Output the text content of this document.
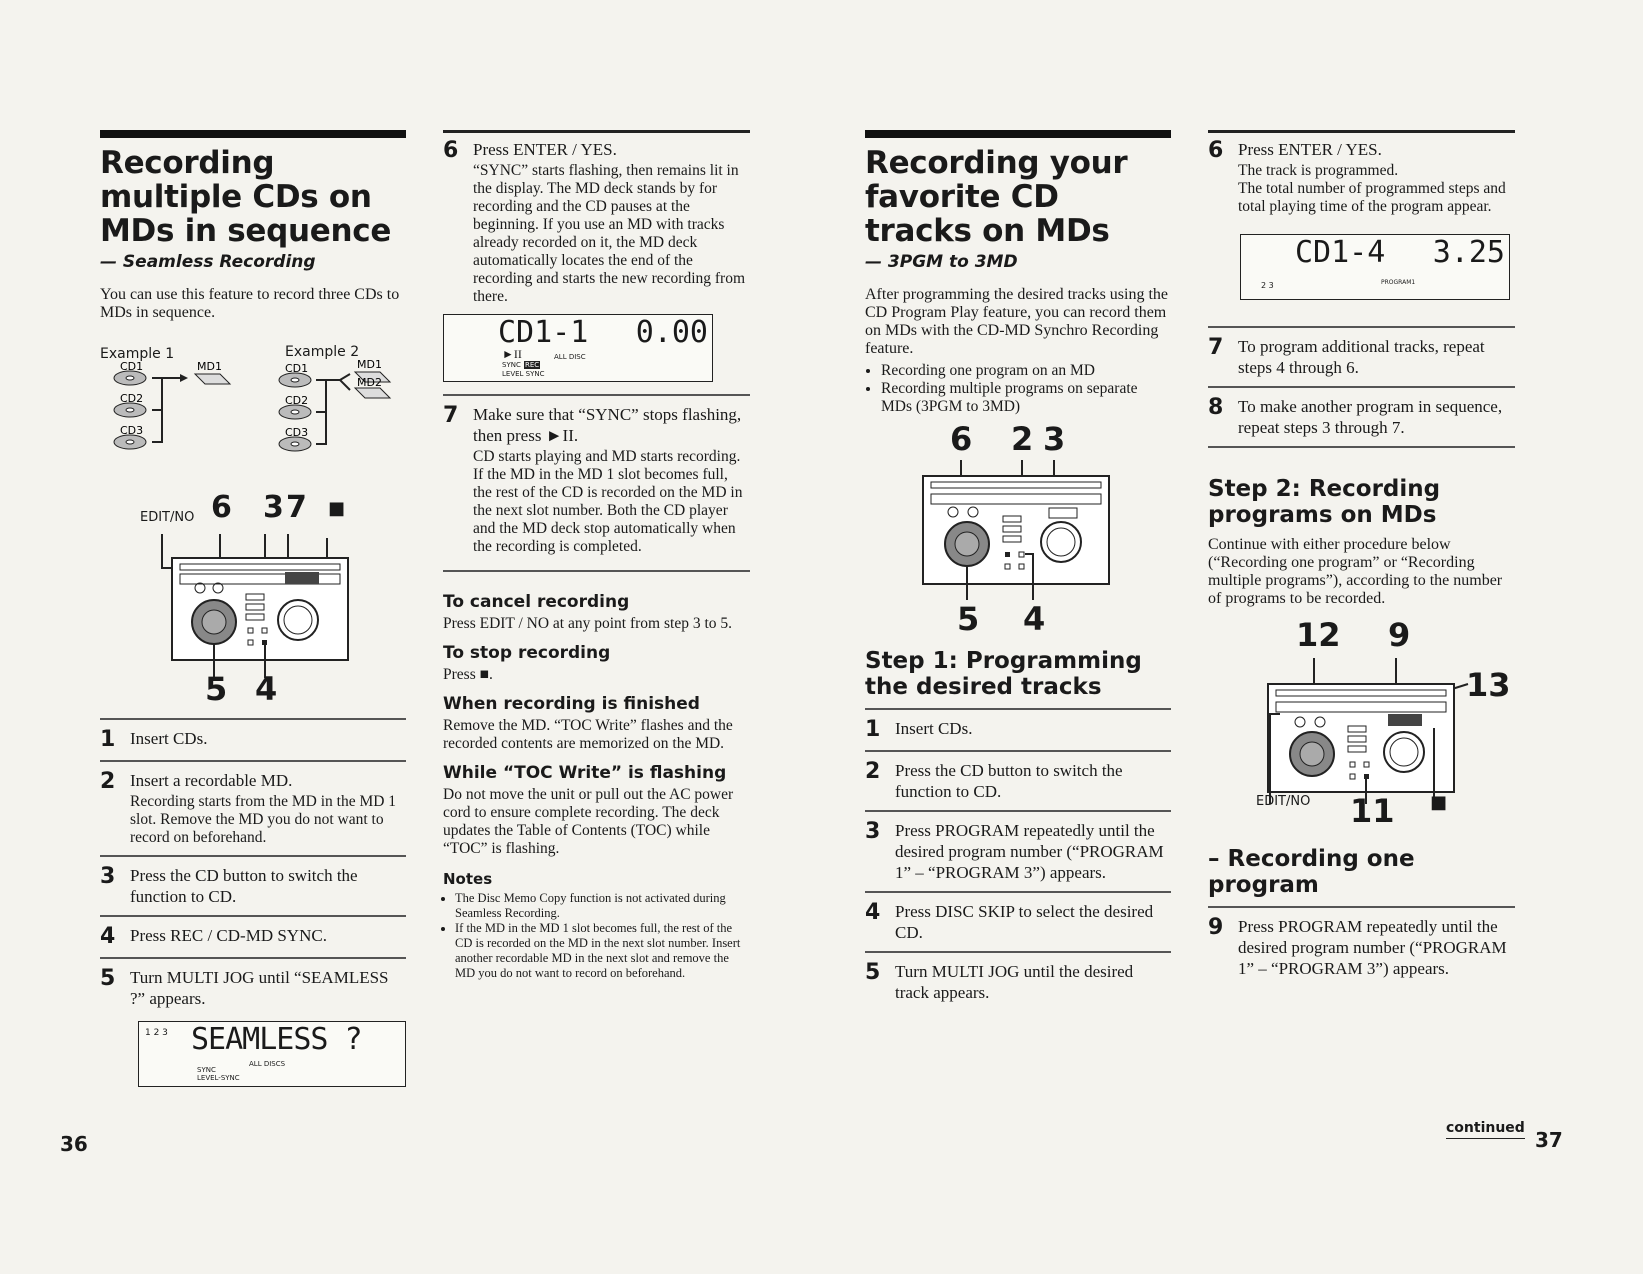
Recording multiple CDs on MDs in sequence
— Seamless Recording

You can use this feature to record three CDs to MDs in sequence.

Example 1	Example 2
CD1
CD2
CD3
MD1	CD1
CD2
CD3
MD1
MD2
EDIT/NO 6 3 7 ■
5 4
1 Insert CDs.
2 Insert a recordable MD.
Recording starts from the MD in the MD 1 slot. Remove the MD you do not want to record on beforehand.
3 Press the CD button to switch the function to CD.
4 Press REC / CD-MD SYNC.
5 Turn MULTI JOG until “SEAMLESS ?” appears.
1 2 3 SEAMLESS ?
ALL DISCS
SYNC
LEVEL-SYNC
6 Press ENTER / YES.
“SYNC” starts flashing, then remains lit in the display. The MD deck stands by for recording and the CD pauses at the beginning. If you use an MD with tracks already recorded on it, the MD deck automatically locates the end of the recording and starts the new recording from there.
CD1-1 0.00
►II	ALL DISC
SYNC REC
LEVEL SYNC
7 Make sure that “SYNC” stops flashing, then press ►II.
CD starts playing and MD starts recording. If the MD in the MD 1 slot becomes full, the rest of the CD is recorded on the MD in the next slot number. Both the CD player and the MD deck stop automatically when the recording is completed.
To cancel recording

Press EDIT / NO at any point from step 3 to 5.

To stop recording

Press ■.

When recording is finished

Remove the MD. “TOC Write” flashes and the recorded contents are memorized on the MD.

While “TOC Write” is flashing

Do not move the unit or pull out the AC power cord to ensure complete recording. The deck updates the Table of Contents (TOC) while “TOC” is flashing.

Notes
• The Disc Memo Copy function is not activated during Seamless Recording.
• If the MD in the MD 1 slot becomes full, the rest of the CD is recorded on the MD in the next slot number. Insert another recordable MD in the next slot and remove the MD you do not want to record on beforehand.
36
Recording your favorite CD tracks on MDs
— 3PGM to 3MD

After programming the desired tracks using the CD Program Play feature, you can record them on MDs with the CD-MD Synchro Recording feature.

• Recording one program on an MD
• Recording multiple programs on separate MDs (3PGM to 3MD)
6 2 3
5 4
Step 1: Programming the desired tracks
1 Insert CDs.
2 Press the CD button to switch the function to CD.
3 Press PROGRAM repeatedly until the desired program number (“PROGRAM 1” – “PROGRAM 3”) appears.
4 Press DISC SKIP to select the desired CD.
5 Turn MULTI JOG until the desired track appears.
6 Press ENTER / YES.
The track is programmed.
The total number of programmed steps and total playing time of the program appear.
CD1-4 3.25
2 3	PROGRAM1
7 To program additional tracks, repeat steps 4 through 6.
8 To make another program in sequence, repeat steps 3 through 7.
Step 2: Recording programs on MDs

Continue with either procedure below (“Recording one program” or “Recording multiple programs”), according to the number of programs to be recorded.

12 9
13
EDIT/NO 11 ■
– Recording one program
9 Press PROGRAM repeatedly until the desired program number (“PROGRAM 1” – “PROGRAM 3”) appears.
continued 37
